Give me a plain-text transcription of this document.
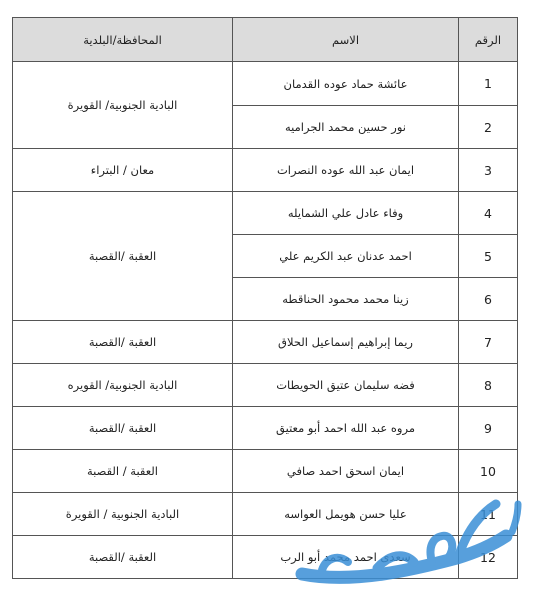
الرقم	الاسم	المحافظة/البلدية
1	عائشة حماد عوده القدمان	البادية الجنوبية/ القويرة
2	نور حسين محمد الجراميه	
3	ايمان عبد الله عوده النصرات	معان / البتراء
4	وفاء عادل علي الشمايله	العقبة /القصبة
5	احمد عدنان عبد الكريم علي	
6	زينا محمد محمود الحناقطه	
7	ريما إبراهيم إسماعيل الحلاق	العقبة /القصبة
8	فضه سليمان عتيق الحويطات	البادية الجنوبية/ القويره
9	مروه عبد الله احمد أبو معتيق	العقبة /القصبة
10	ايمان اسحق احمد صافي	العقبة / القصبة
11	عليا حسن هويمل العواسه	البادية الجنوبية / القويرة
12	سعدى احمد محمد أبو الرب	العقبة /القصبة
